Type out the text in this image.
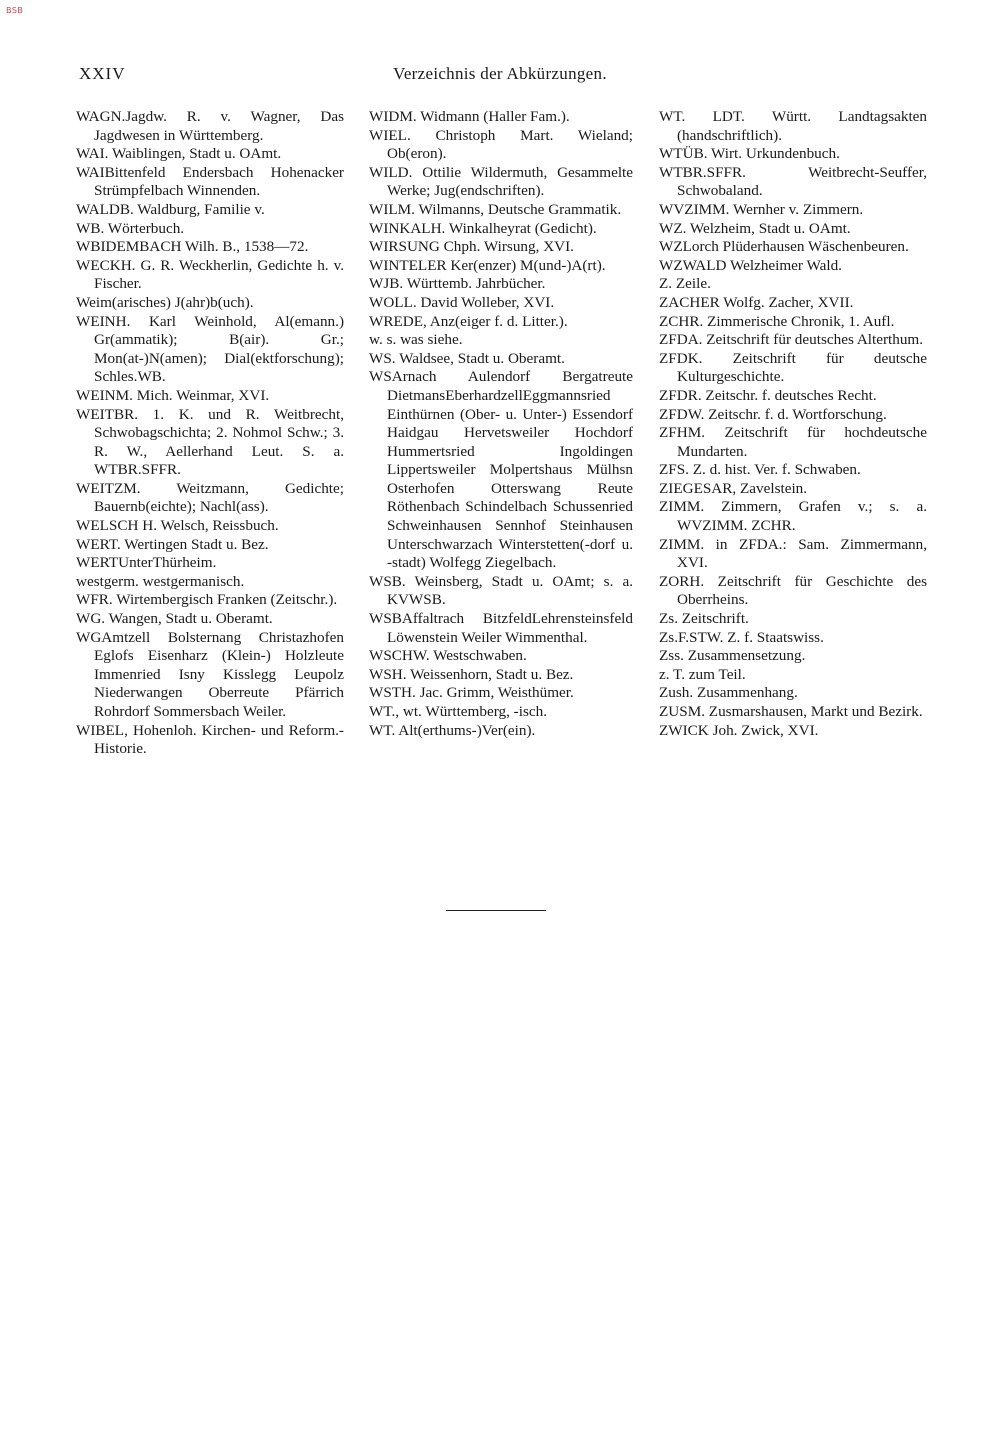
BSB
XXIV	Verzeichnis der Abkürzungen.

WAGN.Jagdw. R. v. Wagner, Das Jagdwesen in Württemberg.

WAI. Waiblingen, Stadt u. OAmt.

WAIBittenfeld Endersbach Hohenacker Strümpfelbach Winnenden.

WALDB. Waldburg, Familie v.

WB. Wörterbuch.

WBIDEMBACH Wilh. B., 1538—72.

WECKH. G. R. Weckherlin, Gedichte h. v. Fischer.

Weim(arisches) J(ahr)b(uch).

WEINH. Karl Weinhold, Al(emann.) Gr(ammatik); B(air). Gr.; Mon(at-)N(amen); Dial(ektforschung); Schles.WB.

WEINM. Mich. Weinmar, XVI.

WEITBR. 1. K. und R. Weitbrecht, Schwobagschichta; 2. Nohmol Schw.; 3. R. W., Aellerhand Leut. S. a. WTBR.SFFR.

WEITZM. Weitzmann, Gedichte; Bauernb(eichte); Nachl(ass).

WELSCH H. Welsch, Reissbuch.

WERT. Wertingen Stadt u. Bez.

WERTUnterThürheim.

westgerm. westgermanisch.

WFR. Wirtembergisch Franken (Zeitschr.).

WG. Wangen, Stadt u. Oberamt.

WGAmtzell Bolsternang Christazhofen Eglofs Eisenharz (Klein-) Holzleute Immenried Isny Kisslegg Leupolz Niederwangen Oberreute Pfärrich Rohrdorf Sommersbach Weiler.

WIBEL, Hohenloh. Kirchen- und Reform.-Historie.

WIDM. Widmann (Haller Fam.).

WIEL. Christoph Mart. Wieland; Ob(eron).

WILD. Ottilie Wildermuth, Gesammelte Werke; Jug(endschriften).

WILM. Wilmanns, Deutsche Grammatik.

WINKALH. Winkalheyrat (Gedicht).

WIRSUNG Chph. Wirsung, XVI.

WINTELER Ker(enzer) M(und-)A(rt).

WJB. Württemb. Jahrbücher.

WOLL. David Wolleber, XVI.

WREDE, Anz(eiger f. d. Litter.).

w. s. was siehe.

WS. Waldsee, Stadt u. Oberamt.

WSArnach Aulendorf Bergatreute DietmansEberhardzellEggmannsried Einthürnen (Ober- u. Unter-) Essendorf Haidgau Hervetsweiler Hochdorf Hummertsried Ingoldingen Lippertsweiler Molpertshaus Mülhsn Osterhofen Otterswang Reute Röthenbach Schindelbach Schussenried Schweinhausen Sennhof Steinhausen Unterschwarzach Winterstetten(-dorf u. -stadt) Wolfegg Ziegelbach.

WSB. Weinsberg, Stadt u. OAmt; s. a. KVWSB.

WSBAffaltrach BitzfeldLehrensteinsfeld Löwenstein Weiler Wimmenthal.

WSCHW. Westschwaben.

WSH. Weissenhorn, Stadt u. Bez.

WSTH. Jac. Grimm, Weisthümer.

WT., wt. Württemberg, -isch.

WT. Alt(erthums-)Ver(ein).

WT. LDT. Württ. Landtagsakten (handschriftlich).

WTÜB. Wirt. Urkundenbuch.

WTBR.SFFR. Weitbrecht-Seuffer, Schwobaland.

WVZIMM. Wernher v. Zimmern.

WZ. Welzheim, Stadt u. OAmt.

WZLorch Plüderhausen Wäschenbeuren.

WZWALD Welzheimer Wald.

Z. Zeile.

ZACHER Wolfg. Zacher, XVII.

ZCHR. Zimmerische Chronik, 1. Aufl.

ZFDA. Zeitschrift für deutsches Alterthum.

ZFDK. Zeitschrift für deutsche Kulturgeschichte.

ZFDR. Zeitschr. f. deutsches Recht.

ZFDW. Zeitschr. f. d. Wortforschung.

ZFHM. Zeitschrift für hochdeutsche Mundarten.

ZFS. Z. d. hist. Ver. f. Schwaben.

ZIEGESAR, Zavelstein.

ZIMM. Zimmern, Grafen v.; s. a. WVZIMM. ZCHR.

ZIMM. in ZFDA.: Sam. Zimmermann, XVI.

ZORH. Zeitschrift für Geschichte des Oberrheins.

Zs. Zeitschrift.

Zs.F.STW. Z. f. Staatswiss.

Zss. Zusammensetzung.

z. T. zum Teil.

Zush. Zusammenhang.

ZUSM. Zusmarshausen, Markt und Bezirk.

ZWICK Joh. Zwick, XVI.
